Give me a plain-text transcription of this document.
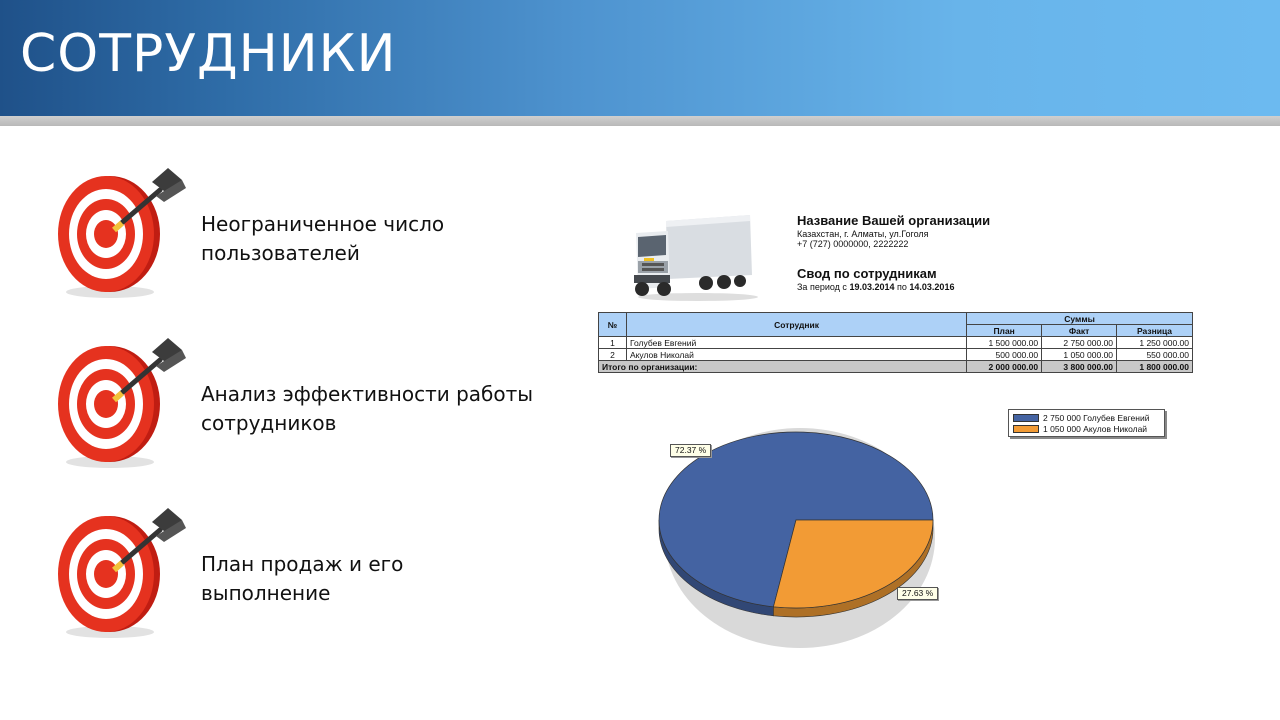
СОТРУДНИКИ
Неограниченное число
пользователей
Анализ эффективности работы
сотрудников
План продаж и его
выполнение
Название Вашей организации
Казахстан, г. Алматы, ул.Гоголя
+7 (727) 0000000, 2222222
Свод по сотрудникам
За период с 19.03.2014 по 14.03.2016
№	Сотрудник	Суммы		
		План	Факт	Разница
1	Голубев Евгений	1 500 000.00	2 750 000.00	1 250 000.00
2	Акулов Николай	500 000.00	1 050 000.00	550 000.00
Итого по организации:		2 000 000.00	3 800 000.00	1 800 000.00
2 750 000 Голубев Евгений
1 050 000 Акулов Николай
72.37 %
27.63 %
